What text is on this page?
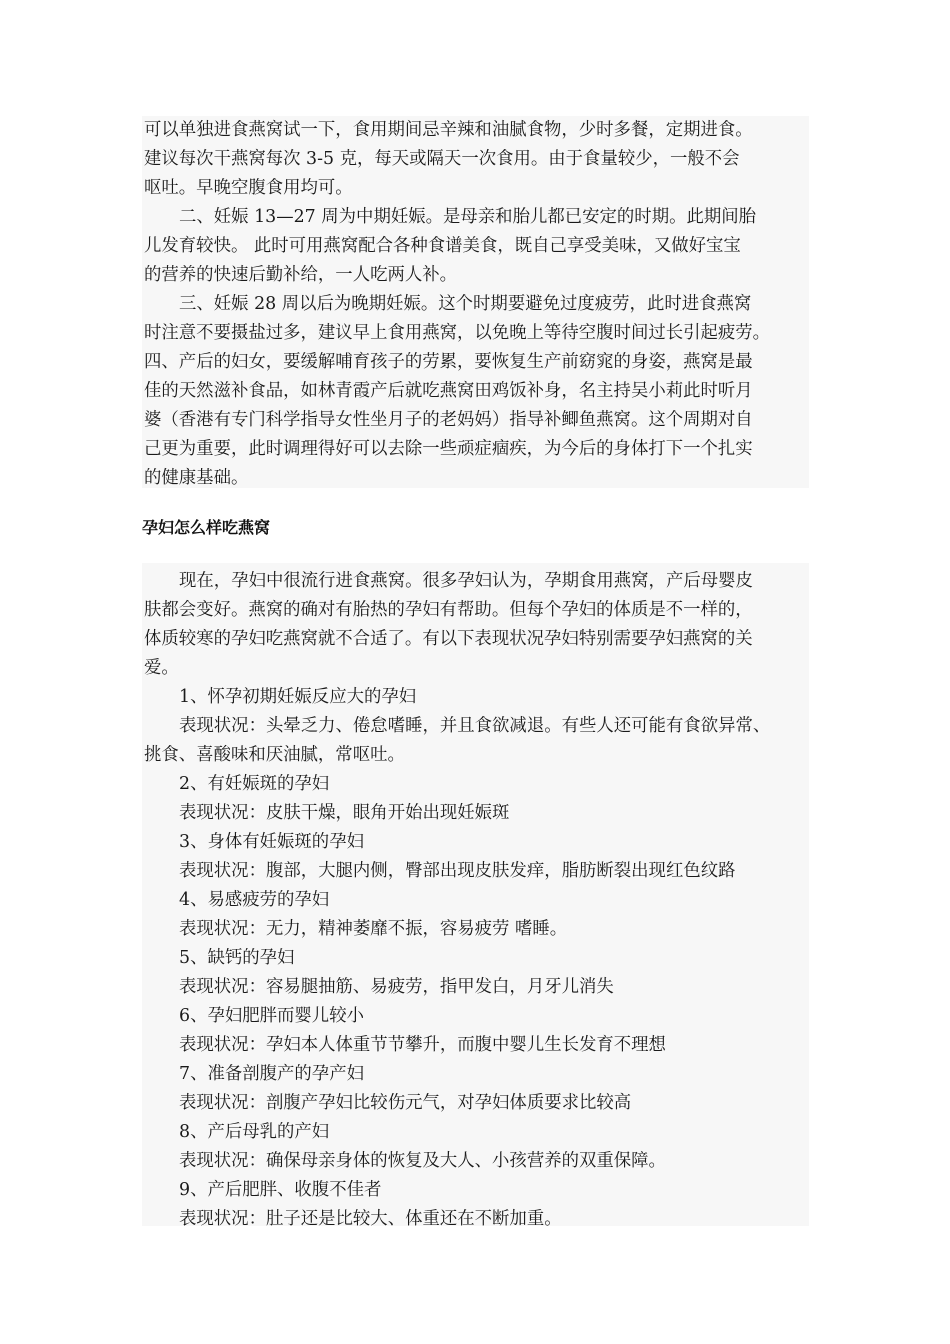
可以单独进食燕窝试一下，食用期间忌辛辣和油腻食物，少时多餐，定期进食。
建议每次干燕窝每次 3-5 克，每天或隔天一次食用。由于食量较少，一般不会
呕吐。早晚空腹食用均可。
二、妊娠 13—27 周为中期妊娠。是母亲和胎儿都已安定的时期。此期间胎
儿发育较快。 此时可用燕窝配合各种食谱美食，既自己享受美味，又做好宝宝
的营养的快速后勤补给，一人吃两人补。
三、妊娠 28 周以后为晚期妊娠。这个时期要避免过度疲劳，此时进食燕窝
时注意不要摄盐过多，建议早上食用燕窝，以免晚上等待空腹时间过长引起疲劳。
四、产后的妇女，要缓解哺育孩子的劳累，要恢复生产前窈窕的身姿，燕窝是最
佳的天然滋补食品，如林青霞产后就吃燕窝田鸡饭补身，名主持吴小莉此时听月
婆（香港有专门科学指导女性坐月子的老妈妈）指导补鲫鱼燕窝。这个周期对自
己更为重要，此时调理得好可以去除一些顽症痼疾，为今后的身体打下一个扎实
的健康基础。
孕妇怎么样吃燕窝
现在，孕妇中很流行进食燕窝。很多孕妇认为，孕期食用燕窝，产后母婴皮
肤都会变好。燕窝的确对有胎热的孕妇有帮助。但每个孕妇的体质是不一样的，
体质较寒的孕妇吃燕窝就不合适了。有以下表现状况孕妇特别需要孕妇燕窝的关
爱。
1、怀孕初期妊娠反应大的孕妇
表现状况：头晕乏力、倦怠嗜睡，并且食欲减退。有些人还可能有食欲异常、
挑食、喜酸味和厌油腻，常呕吐。
2、有妊娠斑的孕妇
表现状况：皮肤干燥，眼角开始出现妊娠斑
3、身体有妊娠斑的孕妇
表现状况：腹部，大腿内侧，臀部出现皮肤发痒，脂肪断裂出现红色纹路
4、易感疲劳的孕妇
表现状况：无力，精神萎靡不振，容易疲劳 嗜睡。
5、缺钙的孕妇
表现状况：容易腿抽筋、易疲劳，指甲发白，月牙儿消失
6、孕妇肥胖而婴儿较小
表现状况：孕妇本人体重节节攀升，而腹中婴儿生长发育不理想
7、准备剖腹产的孕产妇
表现状况：剖腹产孕妇比较伤元气，对孕妇体质要求比较高
8、产后母乳的产妇
表现状况：确保母亲身体的恢复及大人、小孩营养的双重保障。
9、产后肥胖、收腹不佳者
表现状况：肚子还是比较大、体重还在不断加重。
